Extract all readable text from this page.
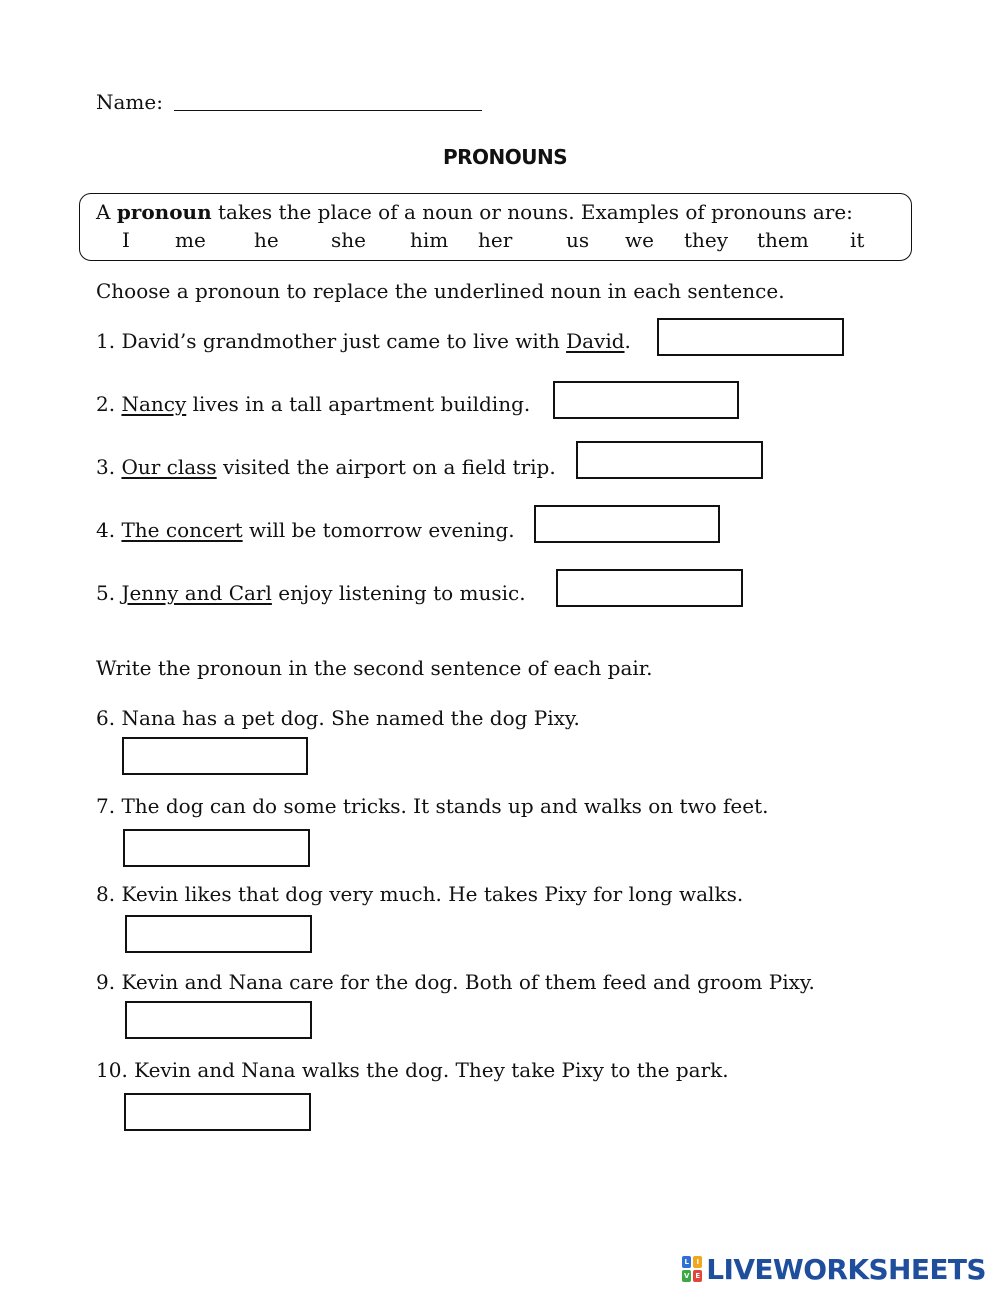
Name:
PRONOUNS
A pronoun takes the place of a noun or nouns. Examples of pronouns are:
I me he	she him her	us we they them it
Choose a pronoun to replace the underlined noun in each sentence.
1. David’s grandmother just came to live with David.
2. Nancy lives in a tall apartment building.
3. Our class visited the airport on a field trip.
4. The concert will be tomorrow evening.
5. Jenny and Carl enjoy listening to music.
Write the pronoun in the second sentence of each pair.
6. Nana has a pet dog. She named the dog Pixy.
7. The dog can do some tricks. It stands up and walks on two feet.
8. Kevin likes that dog very much. He takes Pixy for long walks.
9. Kevin and Nana care for the dog. Both of them feed and groom Pixy.
10. Kevin and Nana walks the dog. They take Pixy to the park.
L	I
V E LIVEWORKSHEETS
